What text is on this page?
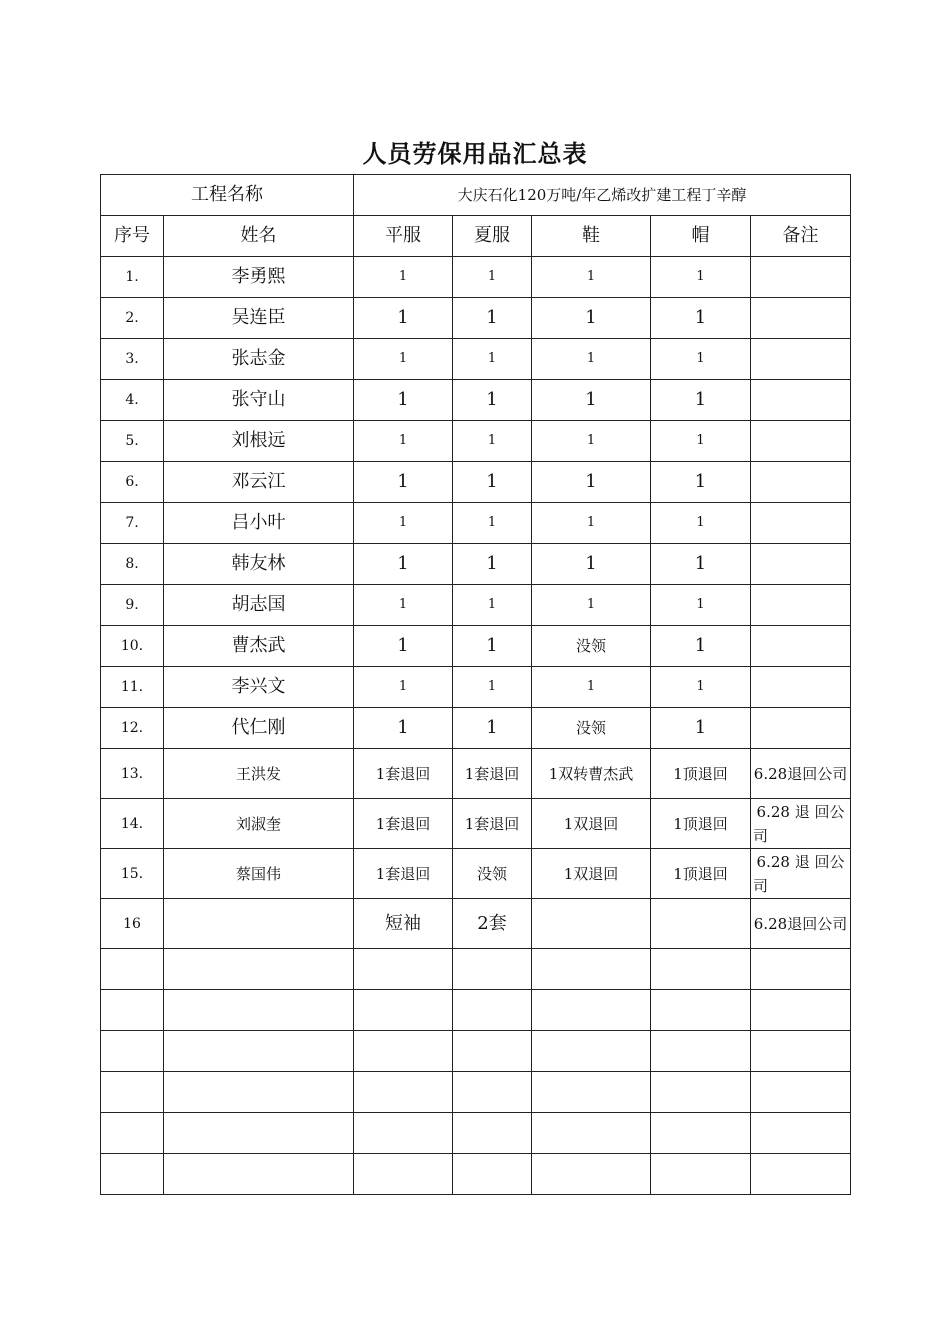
人员劳保用品汇总表
工程名称		大庆石化120万吨/年乙烯改扩建工程丁辛醇				
序号	姓名	平服	夏服	鞋	帽	备注
1.	李勇熙	1	1	1	1	
2.	吴连臣	1	1	1	1	
3.	张志金	1	1	1	1	
4.	张守山	1	1	1	1	
5.	刘根远	1	1	1	1	
6.	邓云江	1	1	1	1	
7.	吕小叶	1	1	1	1	
8.	韩友林	1	1	1	1	
9.	胡志国	1	1	1	1	
10.	曹杰武	1	1	没领	1	
11.	李兴文	1	1	1	1	
12.	代仁刚	1	1	没领	1	
13.	王洪发	1套退回	1套退回	1双转曹杰武	1顶退回	6.28退回公司
14.	刘淑奎	1套退回	1套退回	1双退回	1顶退回	6.28 退 回公司
15.	蔡国伟	1套退回	没领	1双退回	1顶退回	6.28 退 回公司
16		短袖	2套			6.28退回公司
